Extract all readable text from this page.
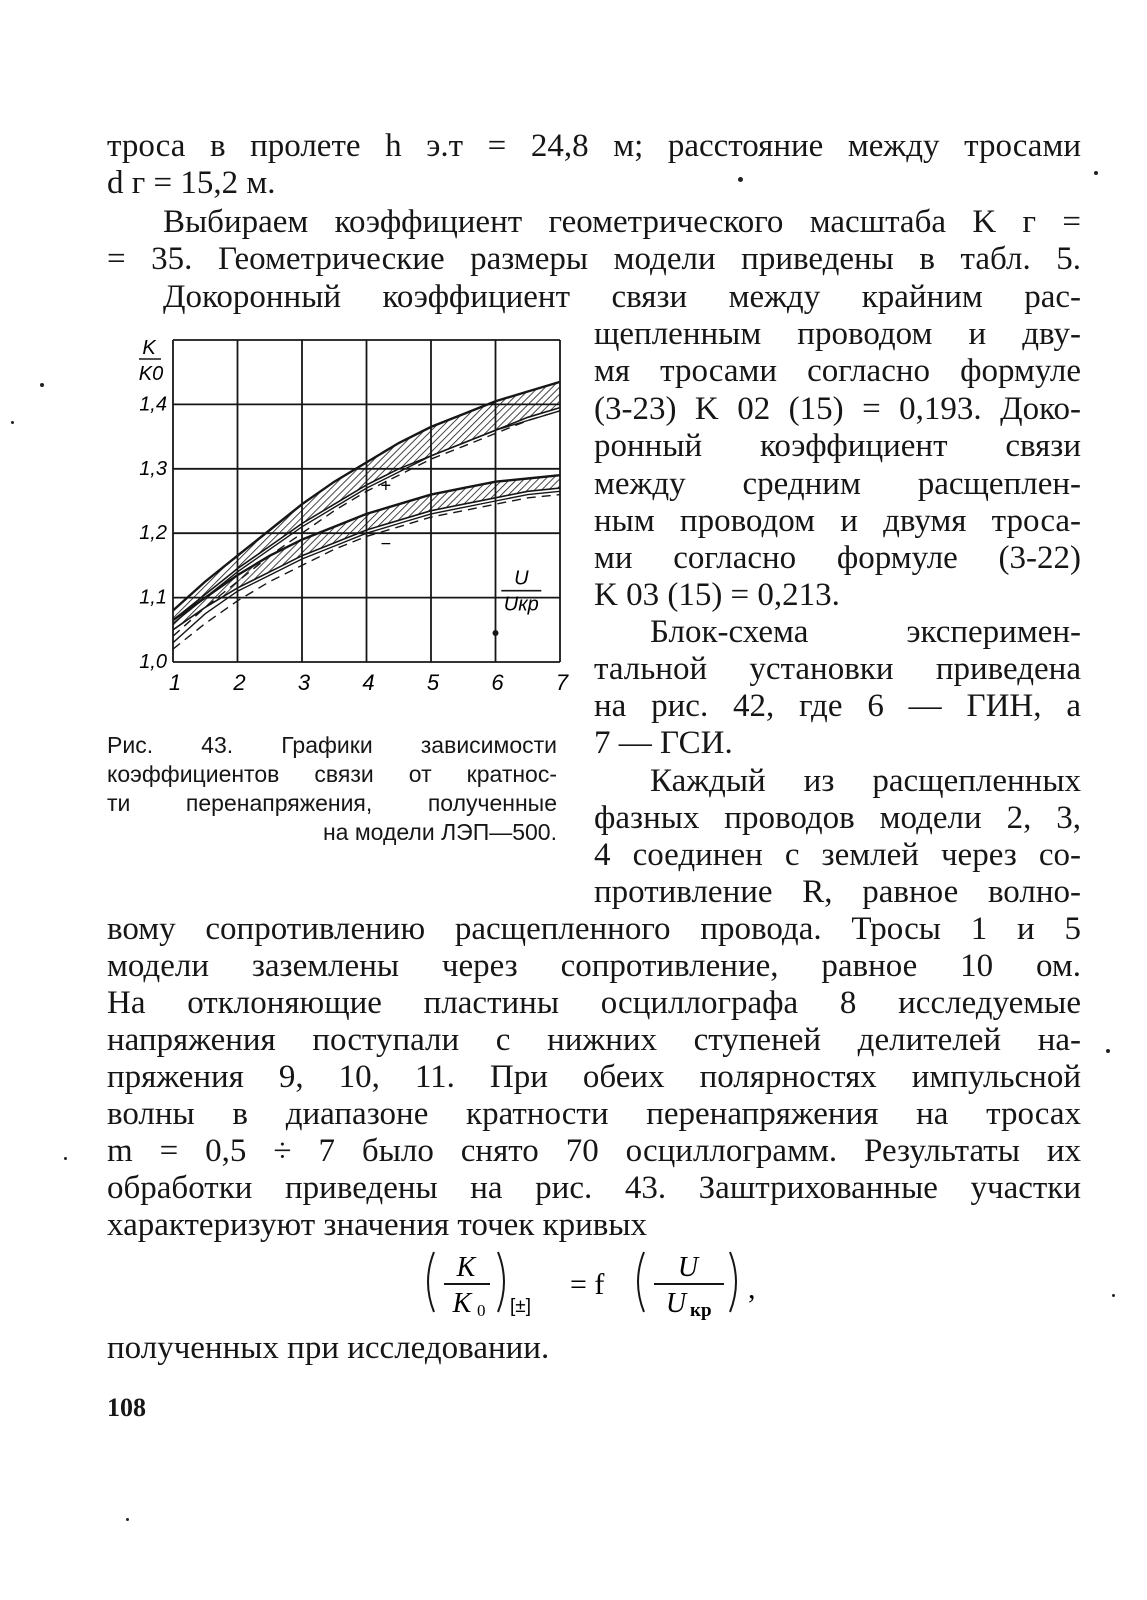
троса в пролете h э.т = 24,8 м; расстояние между тросами
d г = 15,2 м.
Выбираем коэффициент геометрического масштаба K г =
= 35. Геометрические размеры модели приведены в табл. 5.
Докоронный коэффициент связи между крайним рас-
щепленным проводом и дву-
мя тросами согласно формуле
(3-23) K 02 (15) = 0,193. Доко-
ронный коэффициент связи
между средним расщеплен-
ным проводом и двумя троса-
ми согласно формуле (3-22)
K 03 (15) = 0,213.
Блок-схема эксперимен-
тальной установки приведена
на рис. 42, где 6 — ГИН, а
7 — ГСИ.
Каждый из расщепленных
фазных проводов модели 2, 3,
4 соединен с землей через со-
противление R, равное волно-
вому сопротивлению расщепленного провода. Тросы 1 и 5
модели заземлены через сопротивление, равное 10 ом.
На отклоняющие пластины осциллографа 8 исследуемые
напряжения поступали с нижних ступеней делителей на-
пряжения 9, 10, 11. При обеих полярностях импульсной
волны в диапазоне кратности перенапряжения на тросах
m = 0,5 ÷ 7 было снято 70 осциллограмм. Результаты их
обработки приведены на рис. 43. Заштрихованные участки
характеризуют значения точек кривых
K
K 0 [±]
= f
U
U кр
,
полученных при исследовании.
Рис. 43. Графики зависимости
коэффициентов связи от кратнос-
ти перенапряжения, полученные
на модели ЛЭП—500.
1 2 3 4 5 6 7
1,0
1,1
1,2
1,3
1,4
+
−
K
K0
U
Uкр
108
